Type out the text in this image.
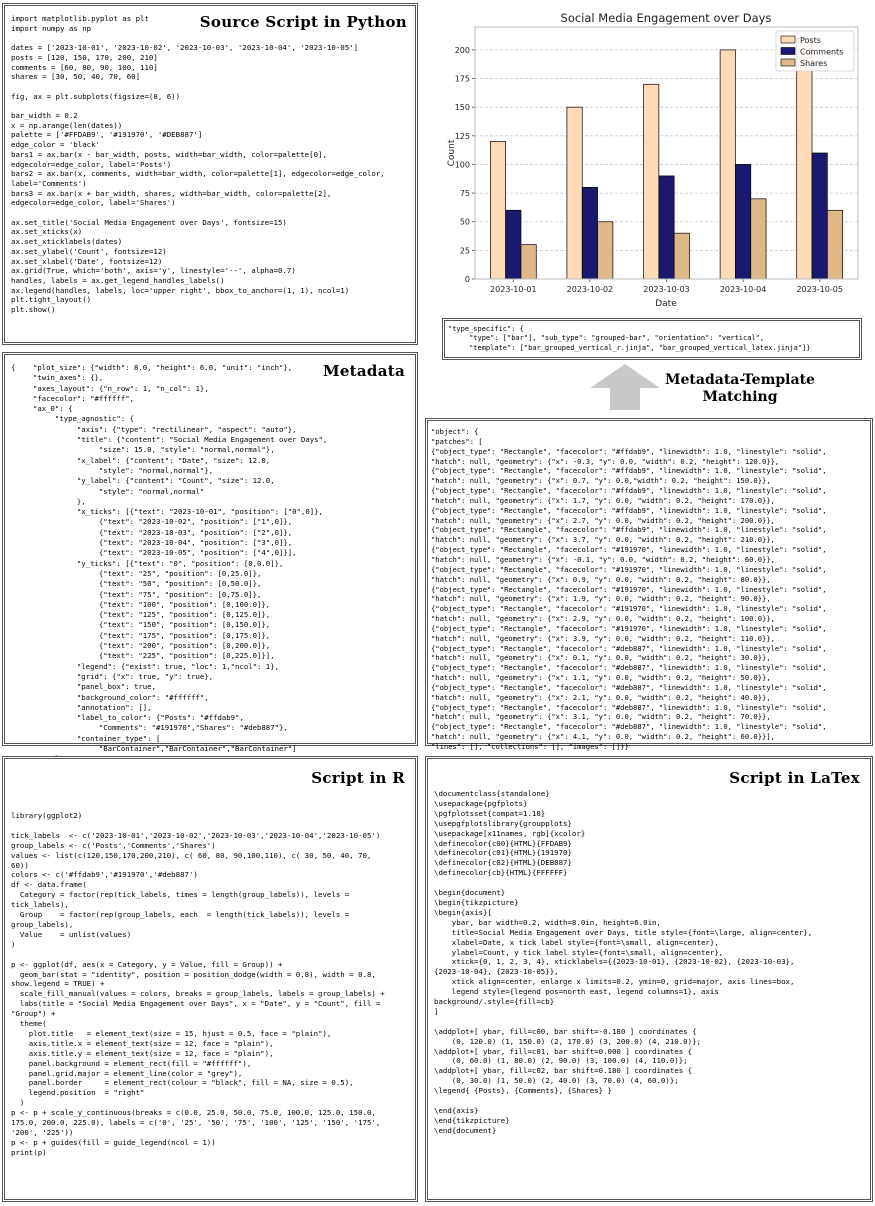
Source Script in Python
import matplotlib.pyplot as plt
import numpy as np

dates = ['2023-10-01', '2023-10-02', '2023-10-03', '2023-10-04', '2023-10-05']
posts = [120, 150, 170, 200, 210]
comments = [60, 80, 90, 100, 110]
shares = [30, 50, 40, 70, 60]

fig, ax = plt.subplots(figsize=(8, 6))

bar_width = 0.2
x = np.arange(len(dates))
palette = ['#FFDAB9', '#191970', '#DEB887']
edge_color = 'black'
bars1 = ax.bar(x - bar_width, posts, width=bar_width, color=palette[0],
edgecolor=edge_color, label='Posts')
bars2 = ax.bar(x, comments, width=bar_width, color=palette[1], edgecolor=edge_color,
label='Comments')
bars3 = ax.bar(x + bar_width, shares, width=bar_width, color=palette[2],
edgecolor=edge_color, label='Shares')

ax.set_title('Social Media Engagement over Days', fontsize=15)
ax.set_xticks(x)
ax.set_xticklabels(dates)
ax.set_ylabel('Count', fontsize=12)
ax.set_xlabel('Date', fontsize=12)
ax.grid(True, which='both', axis='y', linestyle='--', alpha=0.7)
handles, labels = ax.get_legend_handles_labels()
ax.legend(handles, labels, loc='upper right', bbox_to_anchor=(1, 1), ncol=1)
plt.tight_layout()
plt.show()
Social Media Engagement over Days
0
25
50
75
100
125
150
175
200
2023-10-01	2023-10-02	2023-10-03	2023-10-04	2023-10-05
Date
Count
Posts
Comments
Shares
"type_specific": {
"type": ["bar"], "sub_type": "grouped-bar", "orientation": "vertical",
"template": ["bar_grouped_vertical_r.jinja", "bar_grouped_vertical_latex.jinja"]}
Metadata-Template
Matching
Metadata
{    "plot_size": {"width": 8.0, "height": 6.0, "unit": "inch"},
"twin_axes": {},
"axes_layout": {"n_row": 1, "n_col": 1},
"facecolor": "#ffffff",
"ax_0": {
"type_agnostic": {
"axis": {"type": "rectilinear", "aspect": "auto"},
"title": {"content": "Social Media Engagement over Days",
"size": 15.0, "style": "normal,normal"},
"x_label": {"content": "Date", "size": 12.0,
"style": "normal,normal"},
"y_label": {"content": "Count", "size": 12.0,
"style": "normal,normal"
},
"x_ticks": [{"text": "2023-10-01", "position": ["0",0]},
{"text": "2023-10-02", "position": ["1",0]},
{"text": "2023-10-03", "position": ["2",0]},
{"text": "2023-10-04", "position": ["3",0]},
{"text": "2023-10-05", "position": ["4",0]}],
"y_ticks": [{"text": "0", "position": [0,0.0]},
{"text": "25", "position": [0,25.0]},
{"text": "50", "position": [0,50.0]},
{"text": "75", "position": [0,75.0]},
{"text": "100", "position": [0,100.0]},
{"text": "125", "position": [0,125.0]},
{"text": "150", "position": [0,150.0]},
{"text": "175", "position": [0,175.0]},
{"text": "200", "position": [0,200.0]},
{"text": "225", "position": [0,225.0]}],
"legend": {"exist": true, "loc": 1,"ncol": 1},
"grid": {"x": true, "y": true},
"panel_box": true,
"background_color": "#ffffff",
"annotation": [],
"label_to_color": {"Posts": "#ffdab9",
"Comments": "#191970","Shares": "#deb887"},
"container_type": [
"BarContainer","BarContainer","BarContainer"]

"object": {
"patches": [
{"object_type": "Rectangle", "facecolor": "#ffdab9", "linewidth": 1.0, "linestyle": "solid",
"hatch": null, "geometry": {"x": -0.3, "y": 0.0, "width": 0.2, "height": 120.0}},
{"object_type": "Rectangle", "facecolor": "#ffdab9", "linewidth": 1.0, "linestyle": "solid",
"hatch": null, "geometry": {"x": 0.7, "y": 0.0,"width": 0.2, "height": 150.0}},
{"object_type": "Rectangle", "facecolor": "#ffdab9", "linewidth": 1.0, "linestyle": "solid",
"hatch": null, "geometry": {"x": 1.7, "y": 0.0, "width": 0.2, "height": 170.0}},
{"object_type": "Rectangle", "facecolor": "#ffdab9", "linewidth": 1.0, "linestyle": "solid",
"hatch": null, "geometry": {"x": 2.7, "y": 0.0, "width": 0.2, "height": 200.0}},
{"object_type": "Rectangle", "facecolor": "#ffdab9", "linewidth": 1.0, "linestyle": "solid",
"hatch": null, "geometry": {"x": 3.7, "y": 0.0, "width": 0.2, "height": 210.0}},
{"object_type": "Rectangle", "facecolor": "#191970", "linewidth": 1.0, "linestyle": "solid",
"hatch": null, "geometry": {"x": -0.1, "y": 0.0, "width": 0.2, "height": 60.0}},
{"object_type": "Rectangle", "facecolor": "#191970", "linewidth": 1.0, "linestyle": "solid",
"hatch": null, "geometry": {"x": 0.9, "y": 0.0, "width": 0.2, "height": 80.0}},
{"object_type": "Rectangle", "facecolor": "#191970", "linewidth": 1.0, "linestyle": "solid",
"hatch": null, "geometry": {"x": 1.9, "y": 0.0, "width": 0.2, "height": 90.0}},
{"object_type": "Rectangle", "facecolor": "#191970", "linewidth": 1.0, "linestyle": "solid",
"hatch": null, "geometry": {"x": 2.9, "y": 0.0, "width": 0.2, "height": 100.0}},
{"object_type": "Rectangle", "facecolor": "#191970", "linewidth": 1.0, "linestyle": "solid",
"hatch": null, "geometry": {"x": 3.9, "y": 0.0, "width": 0.2, "height": 110.0}},
{"object_type": "Rectangle", "facecolor": "#deb887", "linewidth": 1.0, "linestyle": "solid",
"hatch": null, "geometry": {"x": 0.1, "y": 0.0, "width": 0.2, "height": 30.0}},
{"object_type": "Rectangle", "facecolor": "#deb887", "linewidth": 1.0, "linestyle": "solid",
"hatch": null, "geometry": {"x": 1.1, "y": 0.0, "width": 0.2, "height": 50.0}},
{"object_type": "Rectangle", "facecolor": "#deb887", "linewidth": 1.0, "linestyle": "solid",
"hatch": null, "geometry": {"x": 2.1, "y": 0.0, "width": 0.2, "height": 40.0}},
{"object_type": "Rectangle", "facecolor": "#deb887", "linewidth": 1.0, "linestyle": "solid",
"hatch": null, "geometry": {"x": 3.1, "y": 0.0, "width": 0.2, "height": 70.0}},
{"object_type": "Rectangle", "facecolor": "#deb887", "linewidth": 1.0, "linestyle": "solid",
"hatch": null, "geometry": {"x": 4.1, "y": 0.0, "width": 0.2, "height": 60.0}}],
"lines": [], "collections": [], "images": []}}
Script in R
library(ggplot2)

tick_labels  <- c('2023-10-01','2023-10-02','2023-10-03','2023-10-04','2023-10-05')
group_labels <- c('Posts','Comments','Shares')
values <- list(c(120,150,170,200,210), c( 60, 80, 90,100,110), c( 30, 50, 40, 70,
60))
colors <- c('#ffdab9','#191970','#deb887')
df <- data.frame(
Category = factor(rep(tick_labels, times = length(group_labels)), levels =
tick_labels),
Group    = factor(rep(group_labels, each  = length(tick_labels)), levels =
group_labels),
Value    = unlist(values)
)

p <- ggplot(df, aes(x = Category, y = Value, fill = Group)) +
geom_bar(stat = "identity", position = position_dodge(width = 0.8), width = 0.8,
show.legend = TRUE) +
scale_fill_manual(values = colors, breaks = group_labels, labels = group_labels) +
labs(title = "Social Media Engagement over Days", x = "Date", y = "Count", fill =
"Group") +
theme(
plot.title   = element_text(size = 15, hjust = 0.5, face = "plain"),
axis.title.x = element_text(size = 12, face = "plain"),
axis.title.y = element_text(size = 12, face = "plain"),
panel.background = element_rect(fill = "#ffffff"),
panel.grid.major = element_line(color = "grey"),
panel.border     = element_rect(colour = "black", fill = NA, size = 0.5),
legend.position  = "right"
)
p <- p + scale_y_continuous(breaks = c(0.0, 25.0, 50.0, 75.0, 100.0, 125.0, 150.0,
175.0, 200.0, 225.0), labels = c('0', '25', '50', '75', '100', '125', '150', '175',
'200', '225'))
p <- p + guides(fill = guide_legend(ncol = 1))
print(p)
Script in LaTex
\documentclass{standalone}
\usepackage{pgfplots}
\pgfplotsset{compat=1.18}
\usepgfplotslibrary{groupplots}
\usepackage[x11names, rgb]{xcolor}
\definecolor{c00}{HTML}{FFDAB9}
\definecolor{c01}{HTML}{191970}
\definecolor{c02}{HTML}{DEB887}
\definecolor{cb}{HTML}{FFFFFF}

\begin{document}
\begin{tikzpicture}
\begin{axis}[
ybar, bar width=0.2, width=8.0in, height=6.0in,
title=Social Media Engagement over Days, title style={font=\large, align=center},
xlabel=Date, x tick label style={font=\small, align=center},
ylabel=Count, y tick label style={font=\small, align=center},
xtick={0, 1, 2, 3, 4}, xticklabels={{2023-10-01}, {2023-10-02}, {2023-10-03},
{2023-10-04}, {2023-10-05}},
xtick align=center, enlarge x limits=0.2, ymin=0, grid=major, axis lines=box,
legend style={legend pos=north east, legend columns=1}, axis
background/.style={fill=cb}
]

\addplot+[ ybar, fill=c00, bar shift=-0.180 ] coordinates {
(0, 120.0) (1, 150.0) (2, 170.0) (3, 200.0) (4, 210.0)};
\addplot+[ ybar, fill=c01, bar shift=0.000 ] coordinates {
(0, 60.0) (1, 80.0) (2, 90.0) (3, 100.0) (4, 110.0)};
\addplot+[ ybar, fill=c02, bar shift=0.180 ] coordinates {
(0, 30.0) (1, 50.0) (2, 40.0) (3, 70.0) (4, 60.0)};
\legend{ {Posts}, {Comments}, {Shares} }

\end{axis}
\end{tikzpicture}
\end{document}
